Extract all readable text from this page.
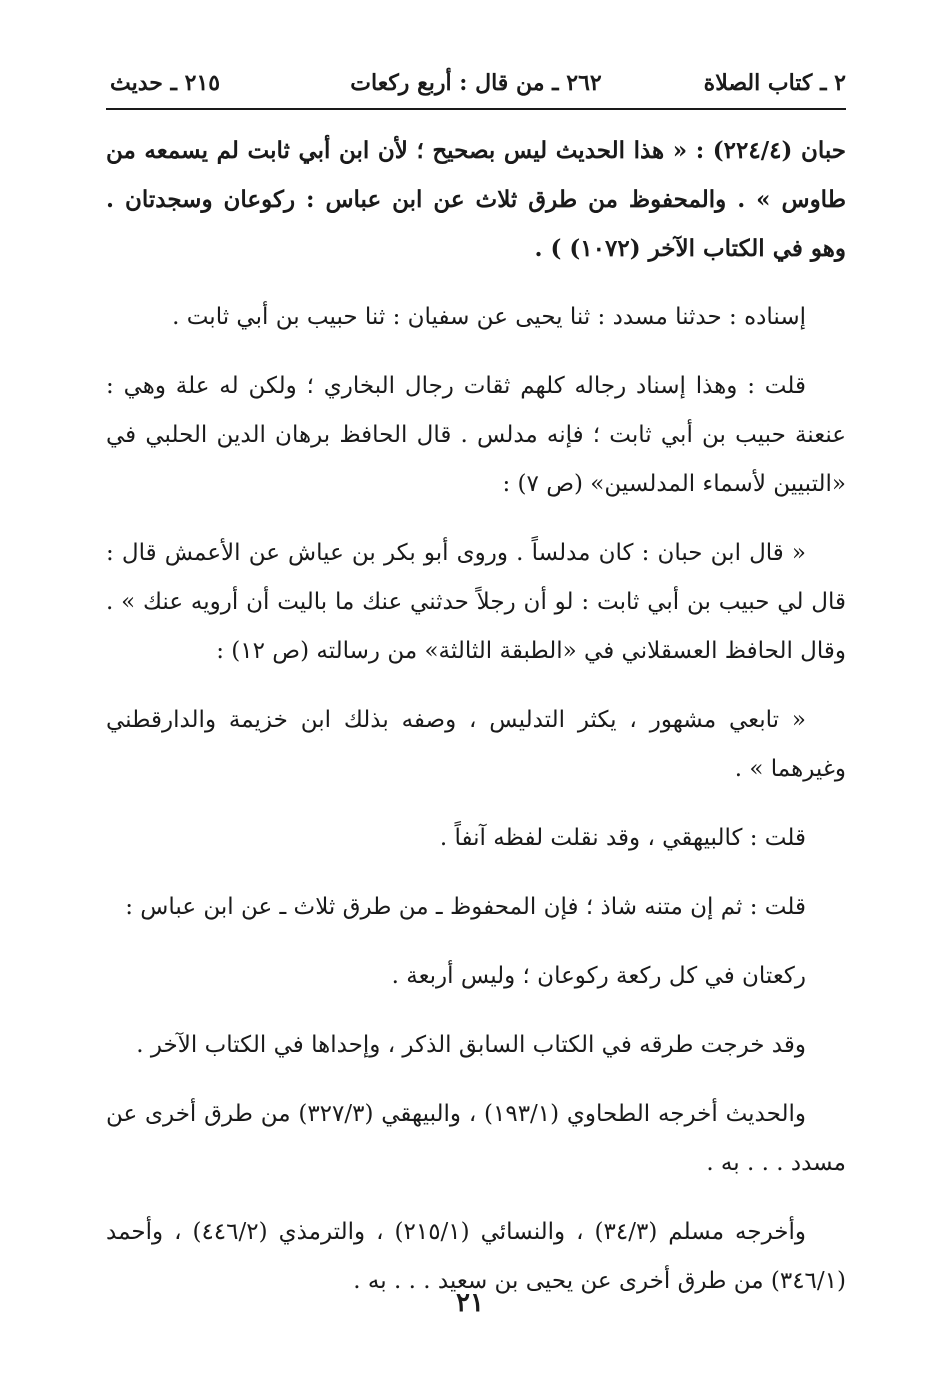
٢ ـ كتاب الصلاة
٢٦٢ ـ من قال : أربع ركعات
٢١٥ ـ حديث

حبان (٢٢٤/٤) : « هذا الحديث ليس بصحيح ؛ لأن ابن أبي ثابت لم يسمعه من طاوس » . والمحفوظ من طرق ثلاث عن ابن عباس : ركوعان وسجدتان . وهو في الكتاب الآخر (١٠٧٢) ) .

إسناده : حدثنا مسدد : ثنا يحيى عن سفيان : ثنا حبيب بن أبي ثابت .

قلت : وهذا إسناد رجاله كلهم ثقات رجال البخاري ؛ ولكن له علة وهي : عنعنة حبيب بن أبي ثابت ؛ فإنه مدلس . قال الحافظ برهان الدين الحلبي في «التبيين لأسماء المدلسين» (ص ٧) :

« قال ابن حبان : كان مدلساً . وروى أبو بكر بن عياش عن الأعمش قال : قال لي حبيب بن أبي ثابت : لو أن رجلاً حدثني عنك ما باليت أن أرويه عنك » . وقال الحافظ العسقلاني في «الطبقة الثالثة» من رسالته (ص ١٢) :

« تابعي مشهور ، يكثر التدليس ، وصفه بذلك ابن خزيمة والدارقطني وغيرهما » .

قلت : كالبيهقي ، وقد نقلت لفظه آنفاً .

قلت : ثم إن متنه شاذ ؛ فإن المحفوظ ـ من طرق ثلاث ـ عن ابن عباس :

ركعتان في كل ركعة ركوعان ؛ وليس أربعة .

وقد خرجت طرقه في الكتاب السابق الذكر ، وإحداها في الكتاب الآخر .

والحديث أخرجه الطحاوي (١٩٣/١) ، والبيهقي (٣٢٧/٣) من طرق أخرى عن مسدد . . . به .

وأخرجه مسلم (٣٤/٣) ، والنسائي (٢١٥/١) ، والترمذي (٤٤٦/٢) ، وأحمد (٣٤٦/١) من طرق أخرى عن يحيى بن سعيد . . . به .

٢١
